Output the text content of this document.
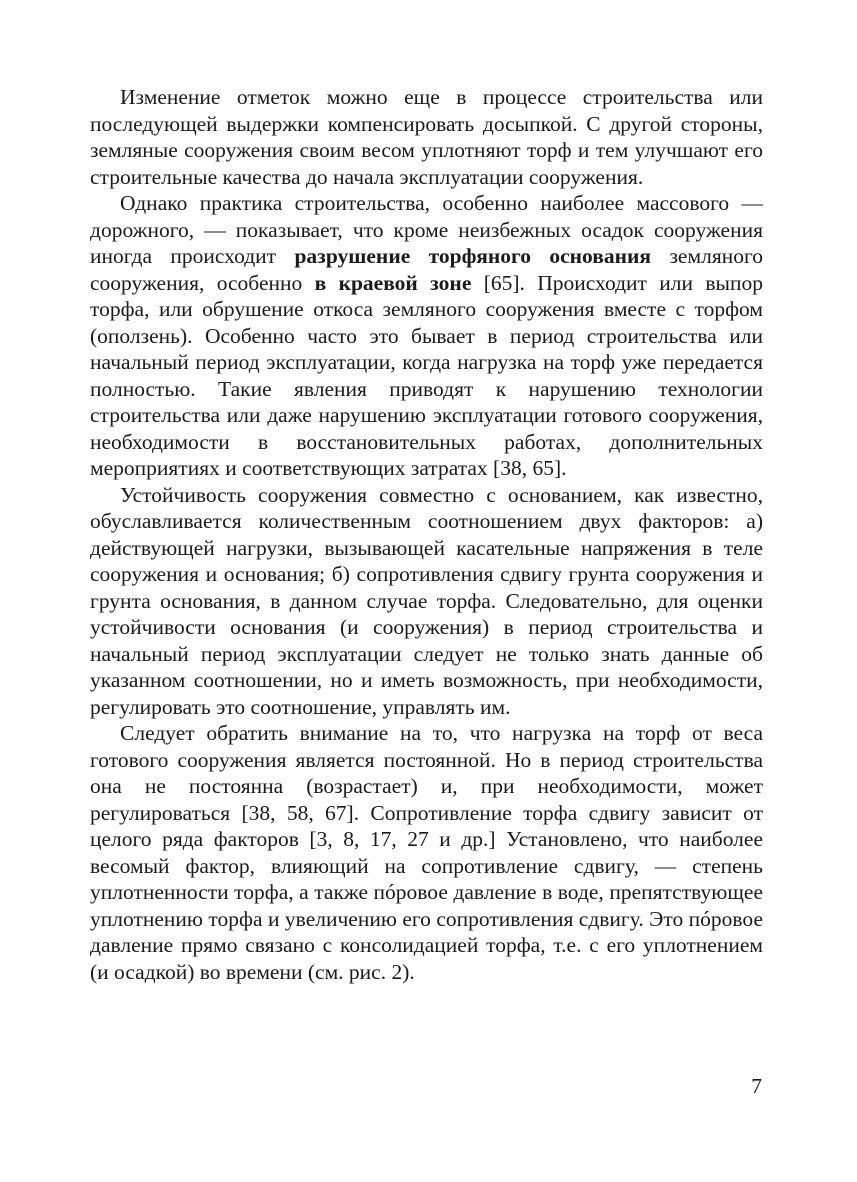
Изменение отметок можно еще в процессе строительства или последующей выдержки компенсировать досыпкой. С другой стороны, земляные сооружения своим весом уплотняют торф и тем улучшают его строительные качества до начала эксплуатации сооружения.

Однако практика строительства, особенно наиболее массового — дорожного, — показывает, что кроме неизбежных осадок сооружения иногда происходит разрушение торфяного основания земляного сооружения, особенно в краевой зоне [65]. Происходит или выпор торфа, или обрушение откоса земляного сооружения вместе с торфом (оползень). Особенно часто это бывает в период строительства или начальный период эксплуатации, когда нагрузка на торф уже передается полностью. Такие явления приводят к нарушению технологии строительства или даже нарушению эксплуатации готового сооружения, необходимости в восстановительных работах, дополнительных мероприятиях и соответствующих затратах [38, 65].

Устойчивость сооружения совместно с основанием, как известно, обуславливается количественным соотношением двух факторов: а) действующей нагрузки, вызывающей касательные напряжения в теле сооружения и основания; б) сопротивления сдвигу грунта сооружения и грунта основания, в данном случае торфа. Следовательно, для оценки устойчивости основания (и сооружения) в период строительства и начальный период эксплуатации следует не только знать данные об указанном соотношении, но и иметь возможность, при необходимости, регулировать это соотношение, управлять им.

Следует обратить внимание на то, что нагрузка на торф от веса готового сооружения является постоянной. Но в период строительства она не постоянна (возрастает) и, при необходимости, может регулироваться [38, 58, 67]. Сопротивление торфа сдвигу зависит от целого ряда факторов [3, 8, 17, 27 и др.] Установлено, что наиболее весомый фактор, влияющий на сопротивление сдвигу, — степень уплотненности торфа, а также пóровое давление в воде, препятствующее уплотнению торфа и увеличению его сопротивления сдвигу. Это пóровое давление прямо связано с консолидацией торфа, т.е. с его уплотнением (и осадкой) во времени (см. рис. 2).

7
